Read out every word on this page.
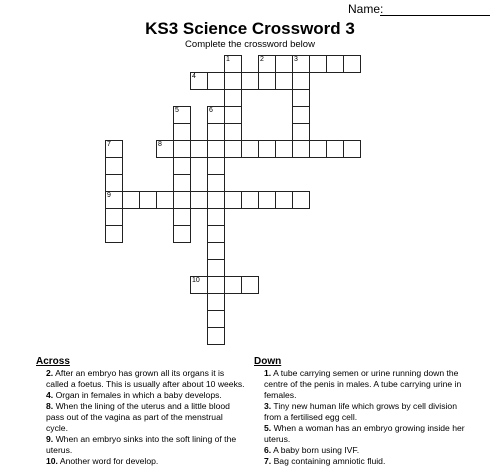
Name:
KS3 Science Crossword 3
Complete the crossword below
1	2	3
4
5	6
7	8
9
10
Across
2. After an embryo has grown all its organs it is called a foetus. This is usually after about 10 weeks.
4. Organ in females in which a baby develops.
8. When the lining of the uterus and a little blood pass out of the vagina as part of the menstrual cycle.
9. When an embryo sinks into the soft lining of the uterus.
10. Another word for develop.
Down
1. A tube carrying semen or urine running down the centre of the penis in males. A tube carrying urine in females.
3. Tiny new human life which grows by cell division from a fertilised egg cell.
5. When a woman has an embryo growing inside her uterus.
6. A baby born using IVF.
7. Bag containing amniotic fluid.
